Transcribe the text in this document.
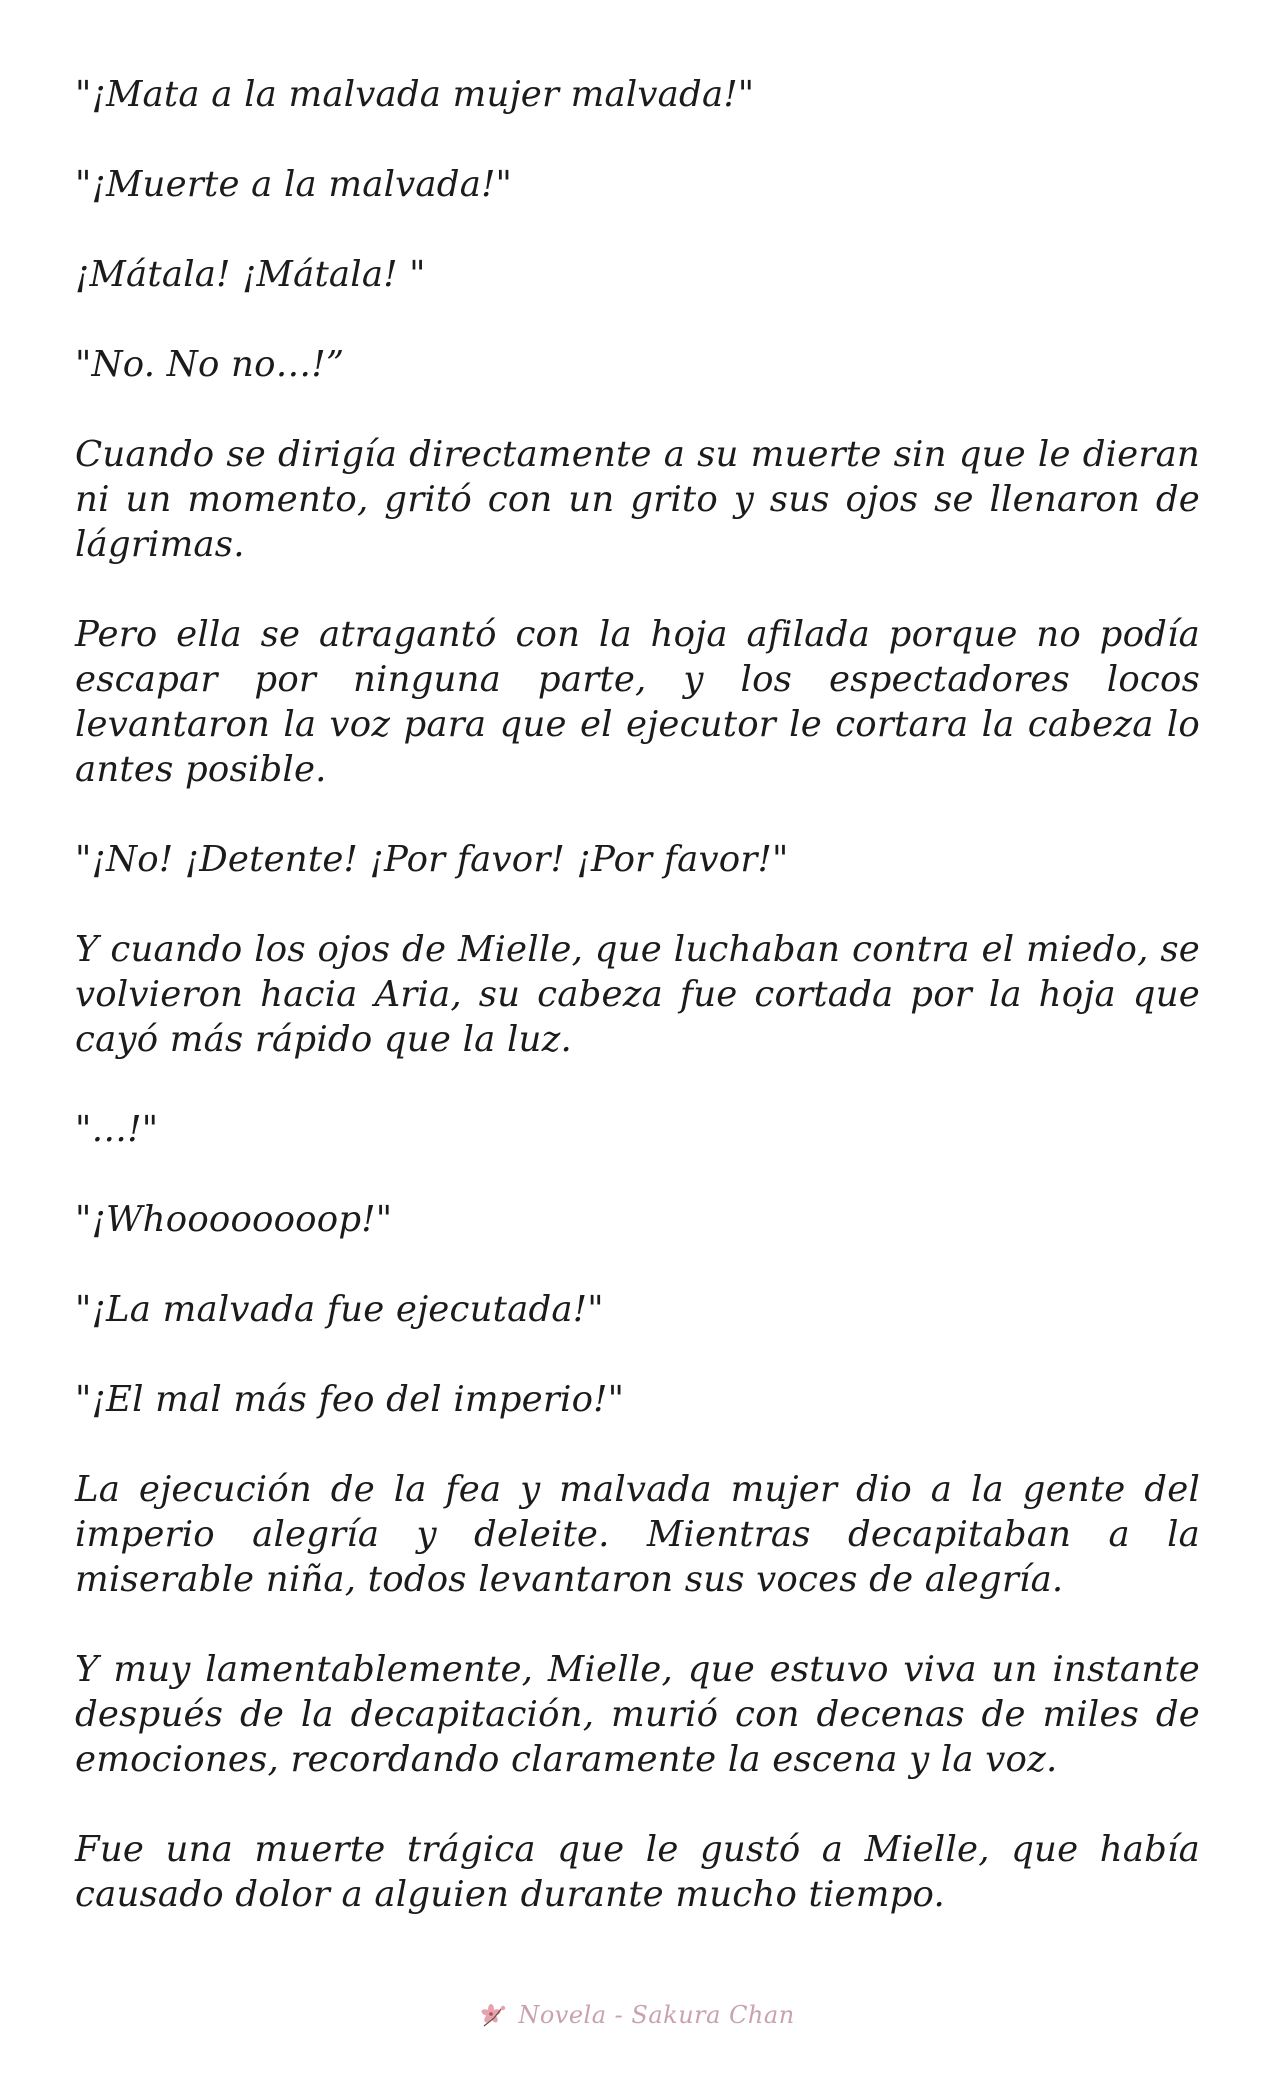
"¡Mata a la malvada mujer malvada!"

"¡Muerte a la malvada!"

¡Mátala! ¡Mátala! "

"No. No no…!”

Cuando se dirigía directamente a su muerte sin que le dieran ni un momento, gritó con un grito y sus ojos se llenaron de lágrimas.

Pero ella se atragantó con la hoja afilada porque no podía escapar por ninguna parte, y los espectadores locos levantaron la voz para que el ejecutor le cortara la cabeza lo antes posible.

"¡No! ¡Detente! ¡Por favor! ¡Por favor!"

Y cuando los ojos de Mielle, que luchaban contra el miedo, se volvieron hacia Aria, su cabeza fue cortada por la hoja que cayó más rápido que la luz.

"…!"

"¡Whoooooooop!"

"¡La malvada fue ejecutada!"

"¡El mal más feo del imperio!"

La ejecución de la fea y malvada mujer dio a la gente del imperio alegría y deleite. Mientras decapitaban a la miserable niña, todos levantaron sus voces de alegría.

Y muy lamentablemente, Mielle, que estuvo viva un instante después de la decapitación, murió con decenas de miles de emociones, recordando claramente la escena y la voz.

Fue una muerte trágica que le gustó a Mielle, que había causado dolor a alguien durante mucho tiempo.

Novela - Sakura Chan
